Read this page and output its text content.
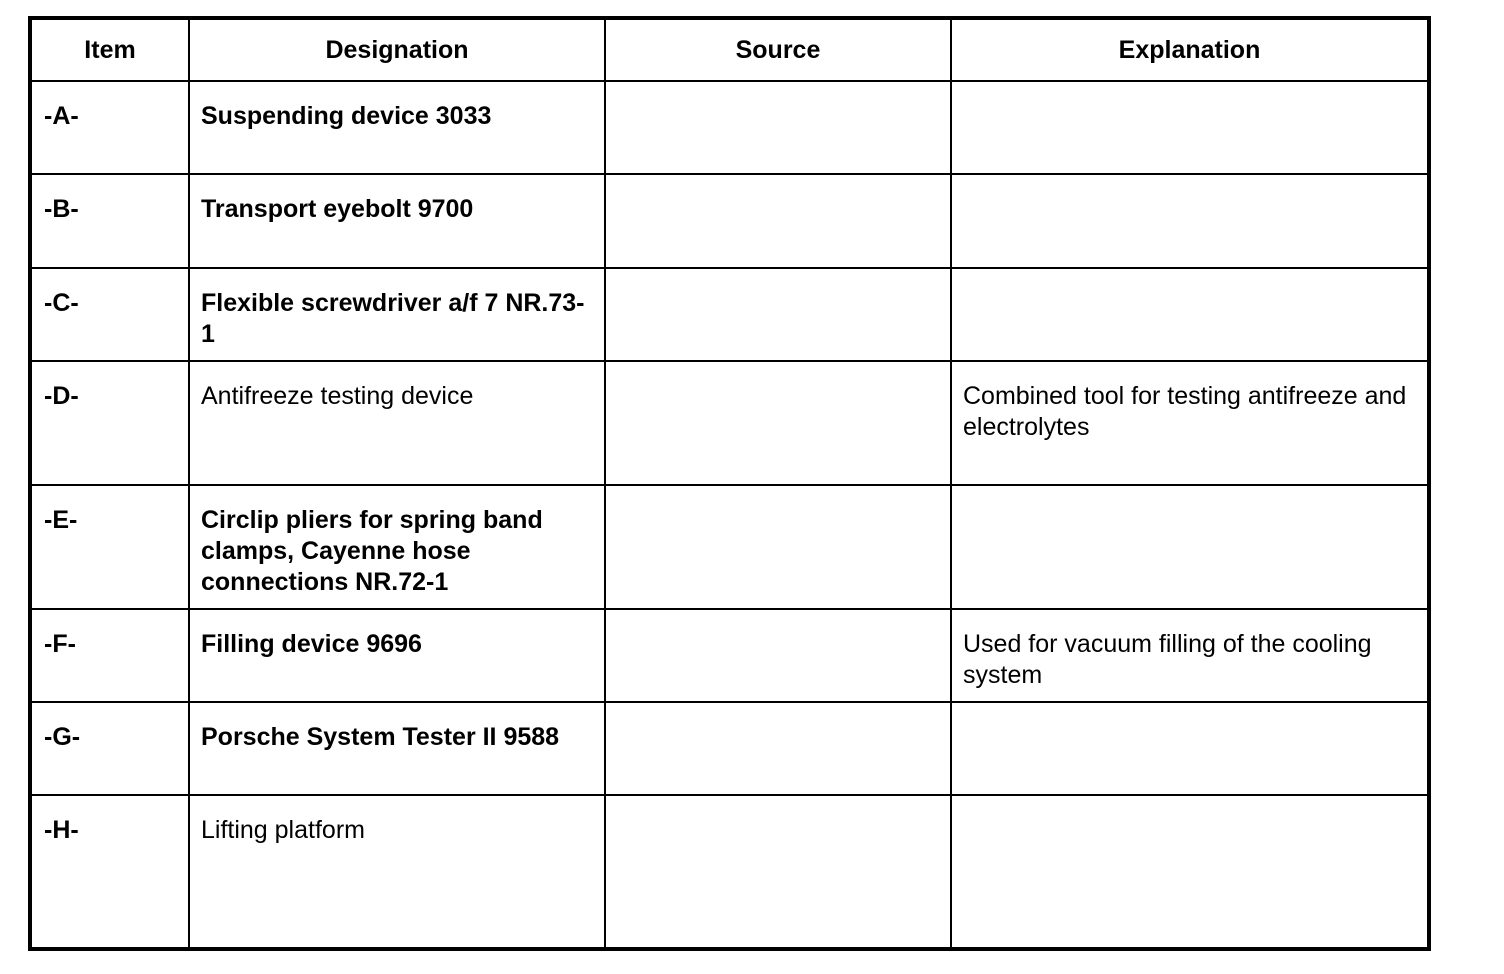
Item	Designation	Source	Explanation
-A-	Suspending device 3033		
-B-	Transport eyebolt 9700		
-C-	Flexible screwdriver a/f 7 NR.73-1		
-D-	Antifreeze testing device		Combined tool for testing antifreeze and electrolytes
-E-	Circlip pliers for spring band clamps, Cayenne hose connections NR.72-1		
-F-	Filling device 9696		Used for vacuum filling of the cooling system
-G-	Porsche System Tester II 9588		
-H-	Lifting platform		
